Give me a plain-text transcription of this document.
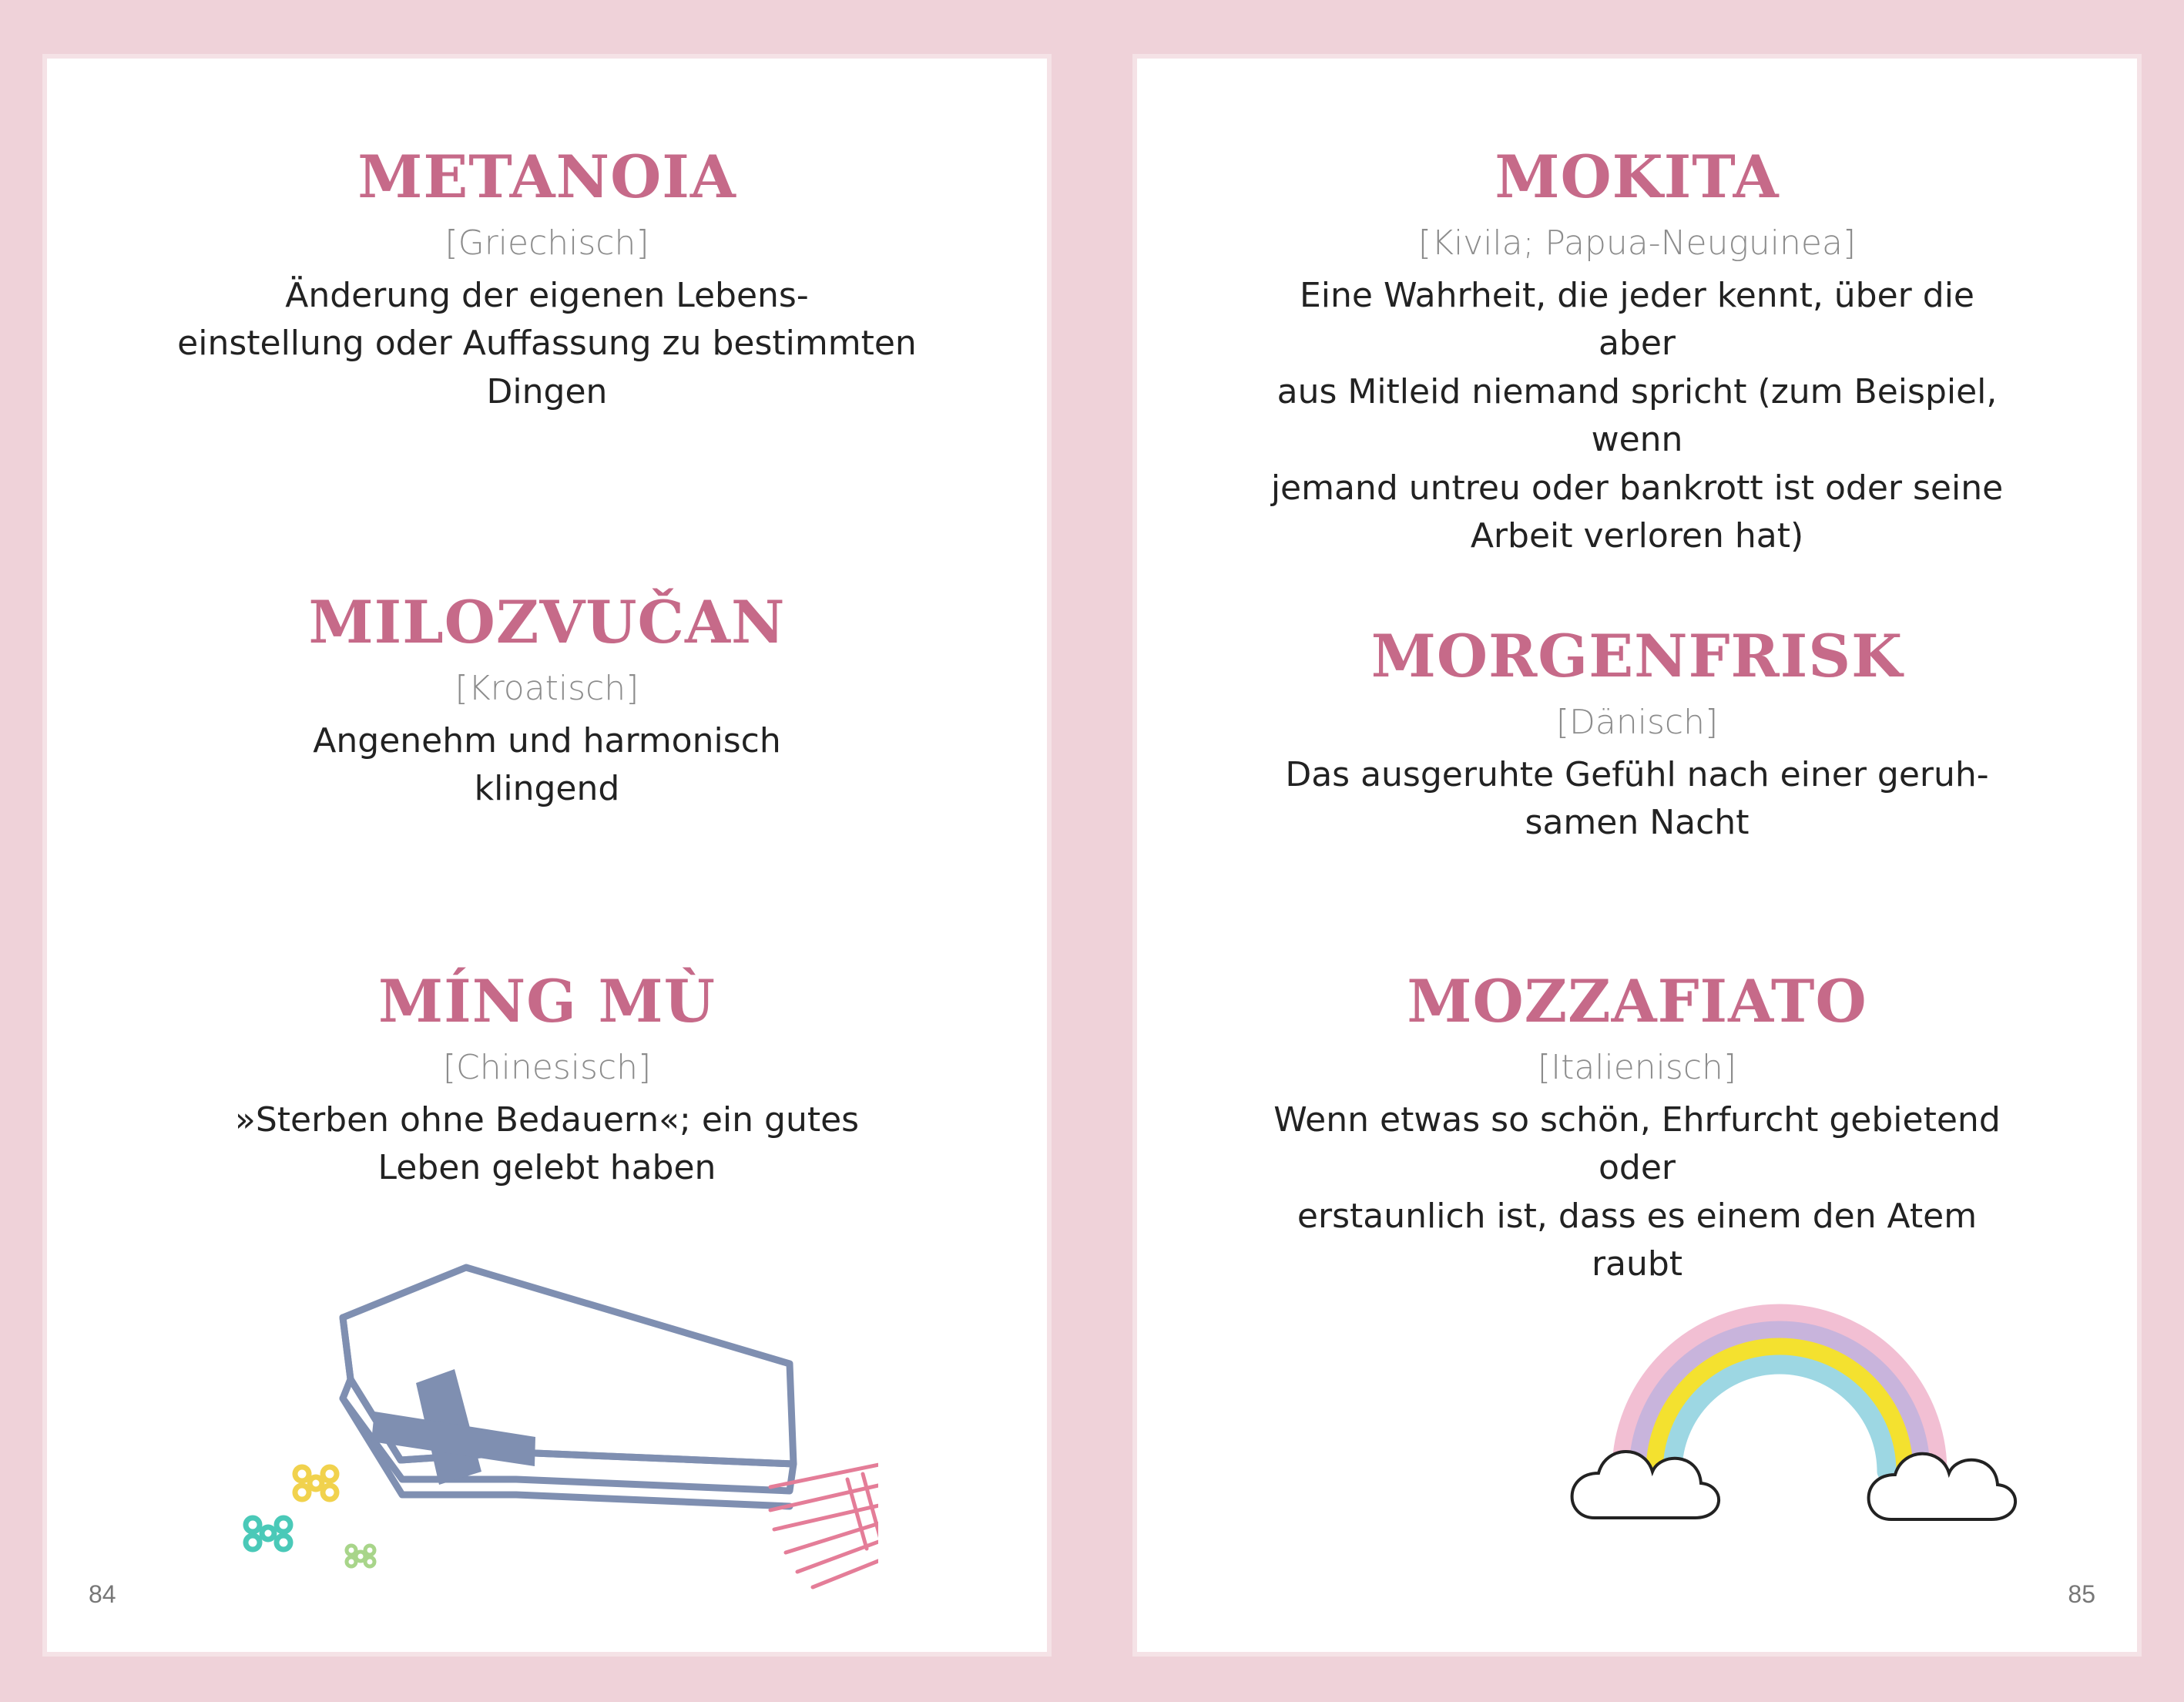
METANOIA
[Griechisch]

Änderung der eigenen Lebens-
einstellung oder Auffassung zu bestimmten
Dingen

MILOZVUČAN
[Kroatisch]

Angenehm und harmonisch
klingend

MÍNG MÙ
[Chinesisch]

»Sterben ohne Bedauern«; ein gutes
Leben gelebt haben

84
MOKITA
[Kivila; Papua-Neuguinea]

Eine Wahrheit, die jeder kennt, über die aber
aus Mitleid niemand spricht (zum Beispiel, wenn
jemand untreu oder bankrott ist oder seine
Arbeit verloren hat)

MORGENFRISK
[Dänisch]

Das ausgeruhte Gefühl nach einer geruh-
samen Nacht

MOZZAFIATO
[Italienisch]

Wenn etwas so schön, Ehrfurcht gebietend oder
erstaunlich ist, dass es einem den Atem raubt

85
